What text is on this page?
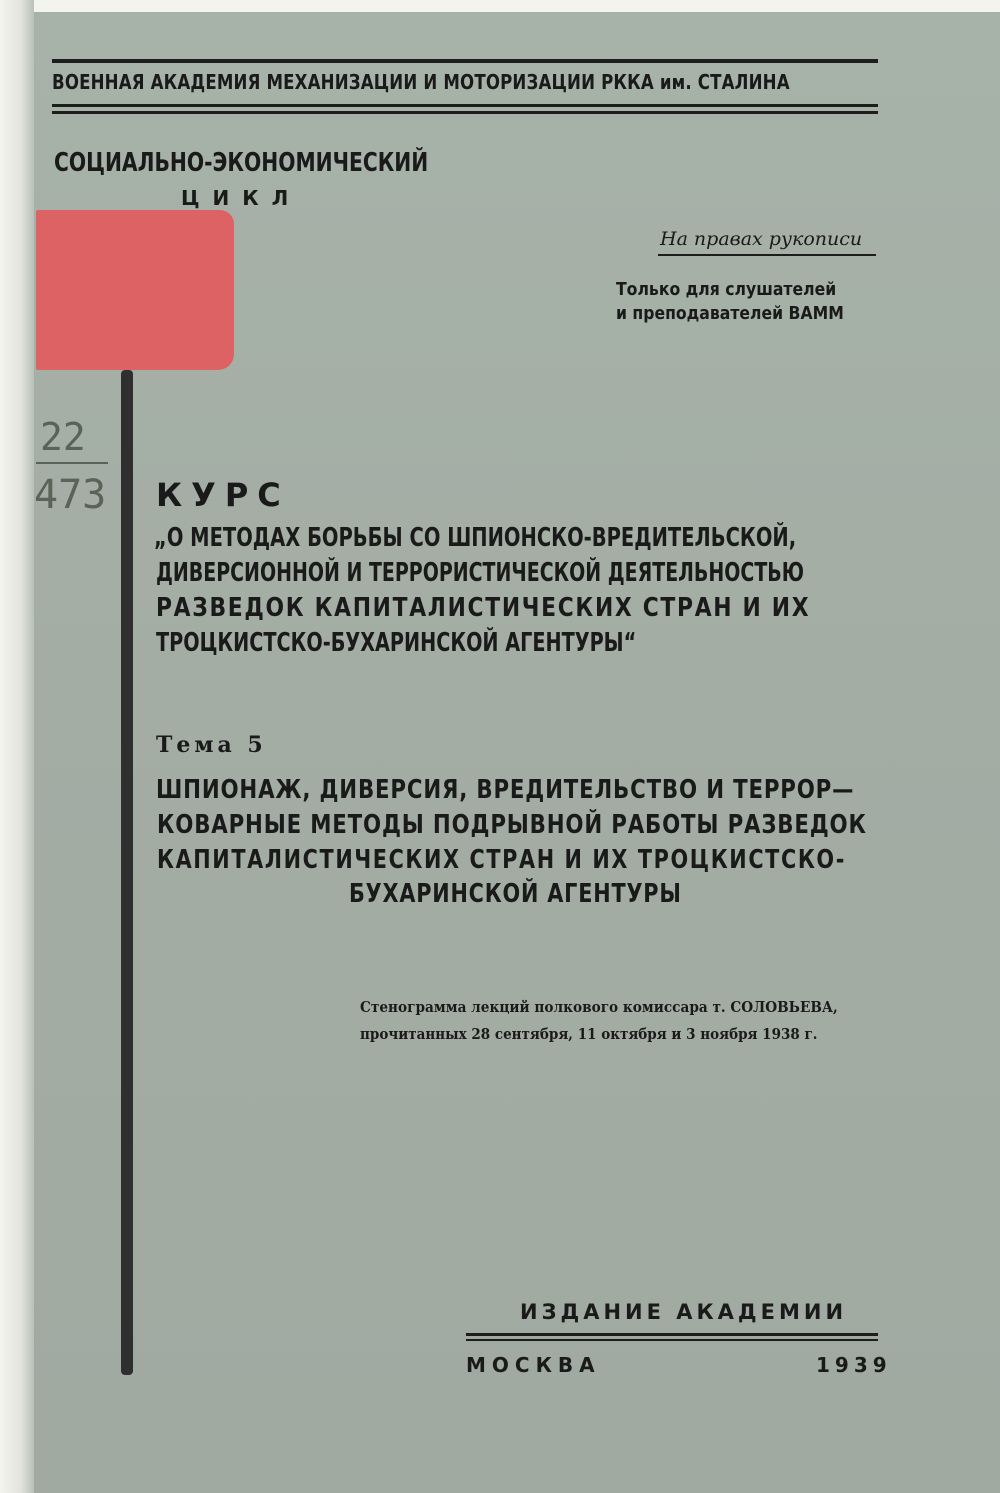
ВОЕННАЯ АКАДЕМИЯ МЕХАНИЗАЦИИ И МОТОРИЗАЦИИ РККА им. СТАЛИНА

СОЦИАЛЬНО-ЭКОНОМИЧЕСКИЙ

ЦИКЛ

На правах рукописи

Только для слушателей

и преподавателей ВАММ

22

473 КУРС

„О МЕТОДАХ БОРЬБЫ СО ШПИОНСКО-ВРЕДИТЕЛЬСКОЙ,

ДИВЕРСИОННОЙ И ТЕРРОРИСТИЧЕСКОЙ ДЕЯТЕЛЬНОСТЬЮ

РАЗВЕДОК КАПИТАЛИСТИЧЕСКИХ СТРАН И ИХ

ТРОЦКИСТСКО-БУХАРИНСКОЙ АГЕНТУРЫ“

Тема 5

ШПИОНАЖ, ДИВЕРСИЯ, ВРЕДИТЕЛЬСТВО И ТЕРРОР—

КОВАРНЫЕ МЕТОДЫ ПОДРЫВНОЙ РАБОТЫ РАЗВЕДОК

КАПИТАЛИСТИЧЕСКИХ СТРАН И ИХ ТРОЦКИСТСКО-

БУХАРИНСКОЙ АГЕНТУРЫ

Стенограмма лекций полкового комиссара т. СОЛОВЬЕВА,

прочитанных 28 сентября, 11 октября и 3 ноября 1938 г.

ИЗДАНИЕ АКАДЕМИИ

МОСКВА	1939
